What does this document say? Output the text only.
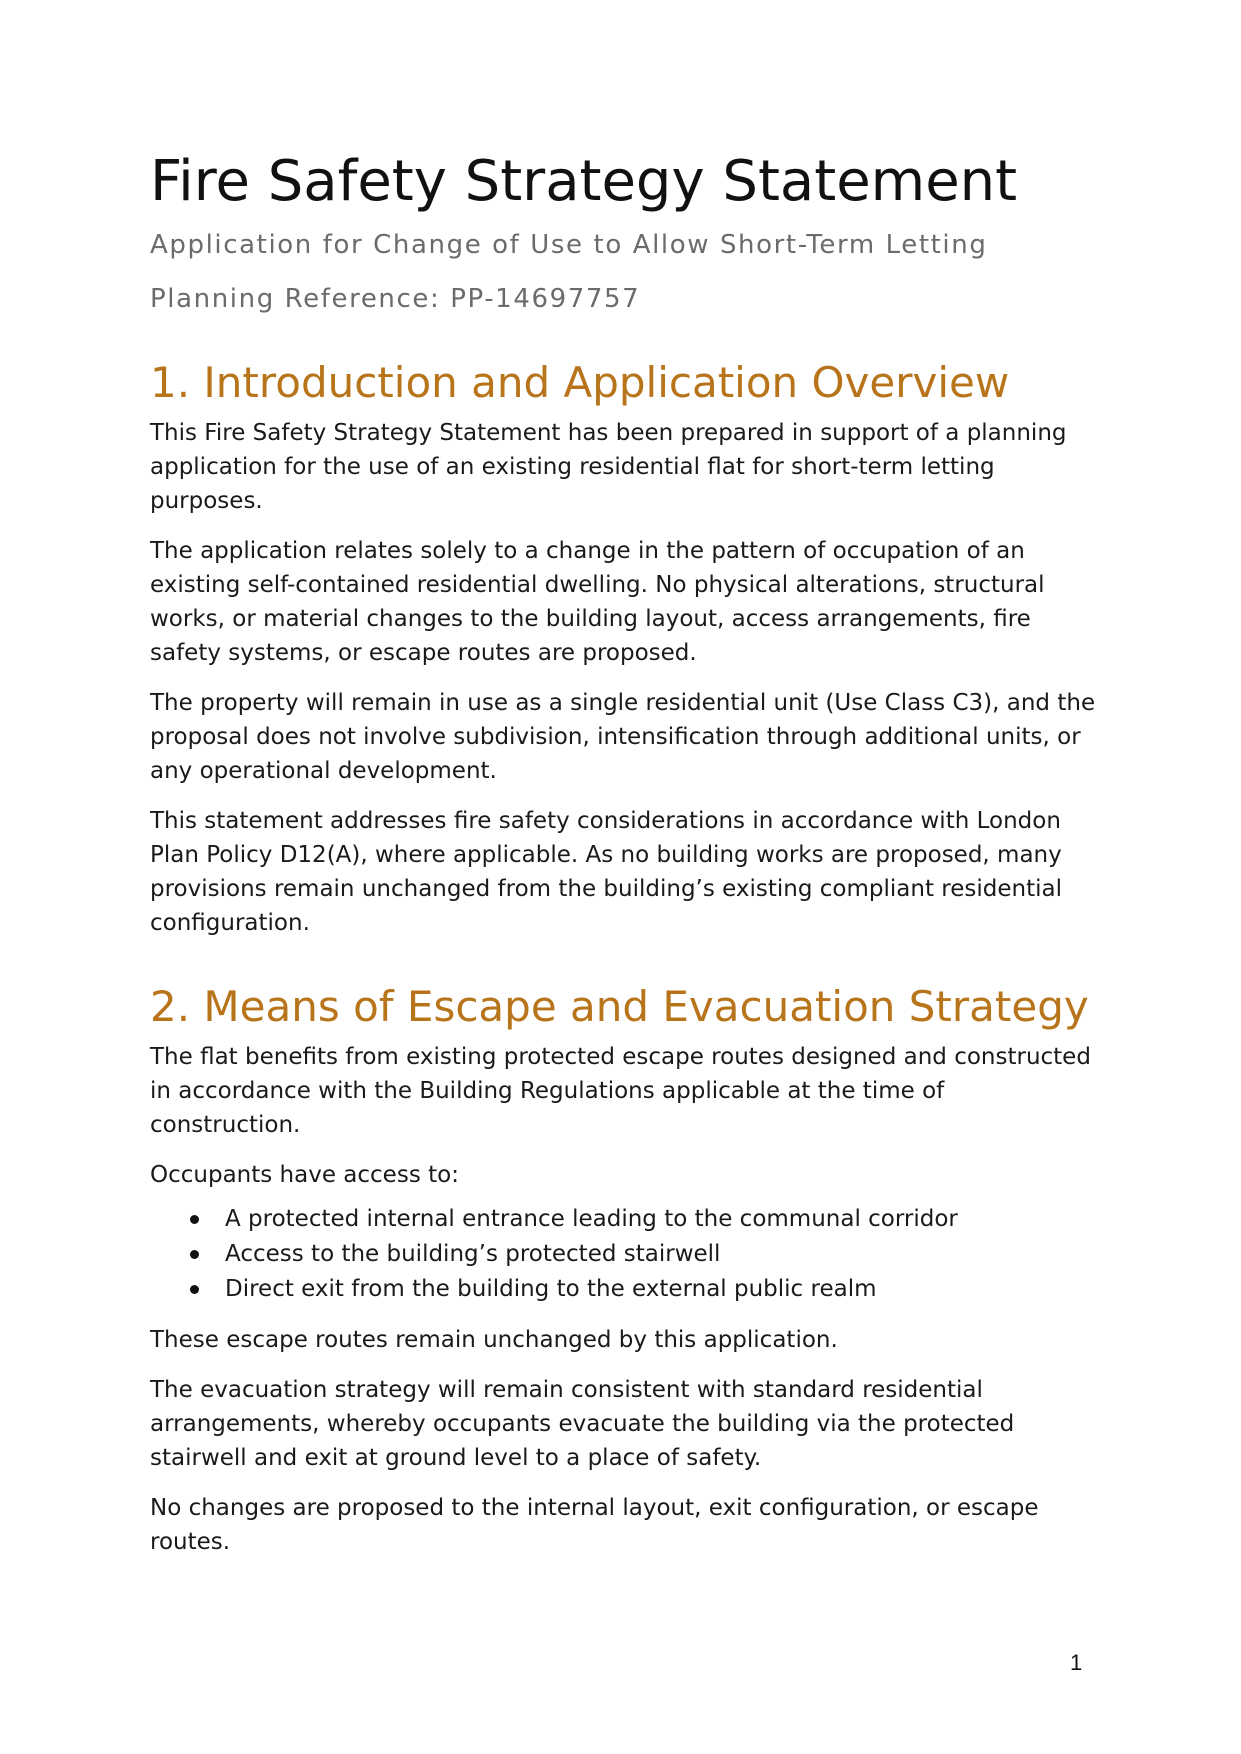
Fire Safety Strategy Statement

Application for Change of Use to Allow Short-Term Letting

Planning Reference: PP-14697757

1. Introduction and Application Overview

This Fire Safety Strategy Statement has been prepared in support of a planning application for the use of an existing residential flat for short-term letting purposes.

The application relates solely to a change in the pattern of occupation of an existing self-contained residential dwelling. No physical alterations, structural works, or material changes to the building layout, access arrangements, fire safety systems, or escape routes are proposed.

The property will remain in use as a single residential unit (Use Class C3), and the proposal does not involve subdivision, intensification through additional units, or any operational development.

This statement addresses fire safety considerations in accordance with London Plan Policy D12(A), where applicable. As no building works are proposed, many provisions remain unchanged from the building’s existing compliant residential configuration.

2. Means of Escape and Evacuation Strategy

The flat benefits from existing protected escape routes designed and constructed in accordance with the Building Regulations applicable at the time of construction.

Occupants have access to:

A protected internal entrance leading to the communal corridor
Access to the building’s protected stairwell
Direct exit from the building to the external public realm

These escape routes remain unchanged by this application.

The evacuation strategy will remain consistent with standard residential arrangements, whereby occupants evacuate the building via the protected stairwell and exit at ground level to a place of safety.

No changes are proposed to the internal layout, exit configuration, or escape routes.

1
